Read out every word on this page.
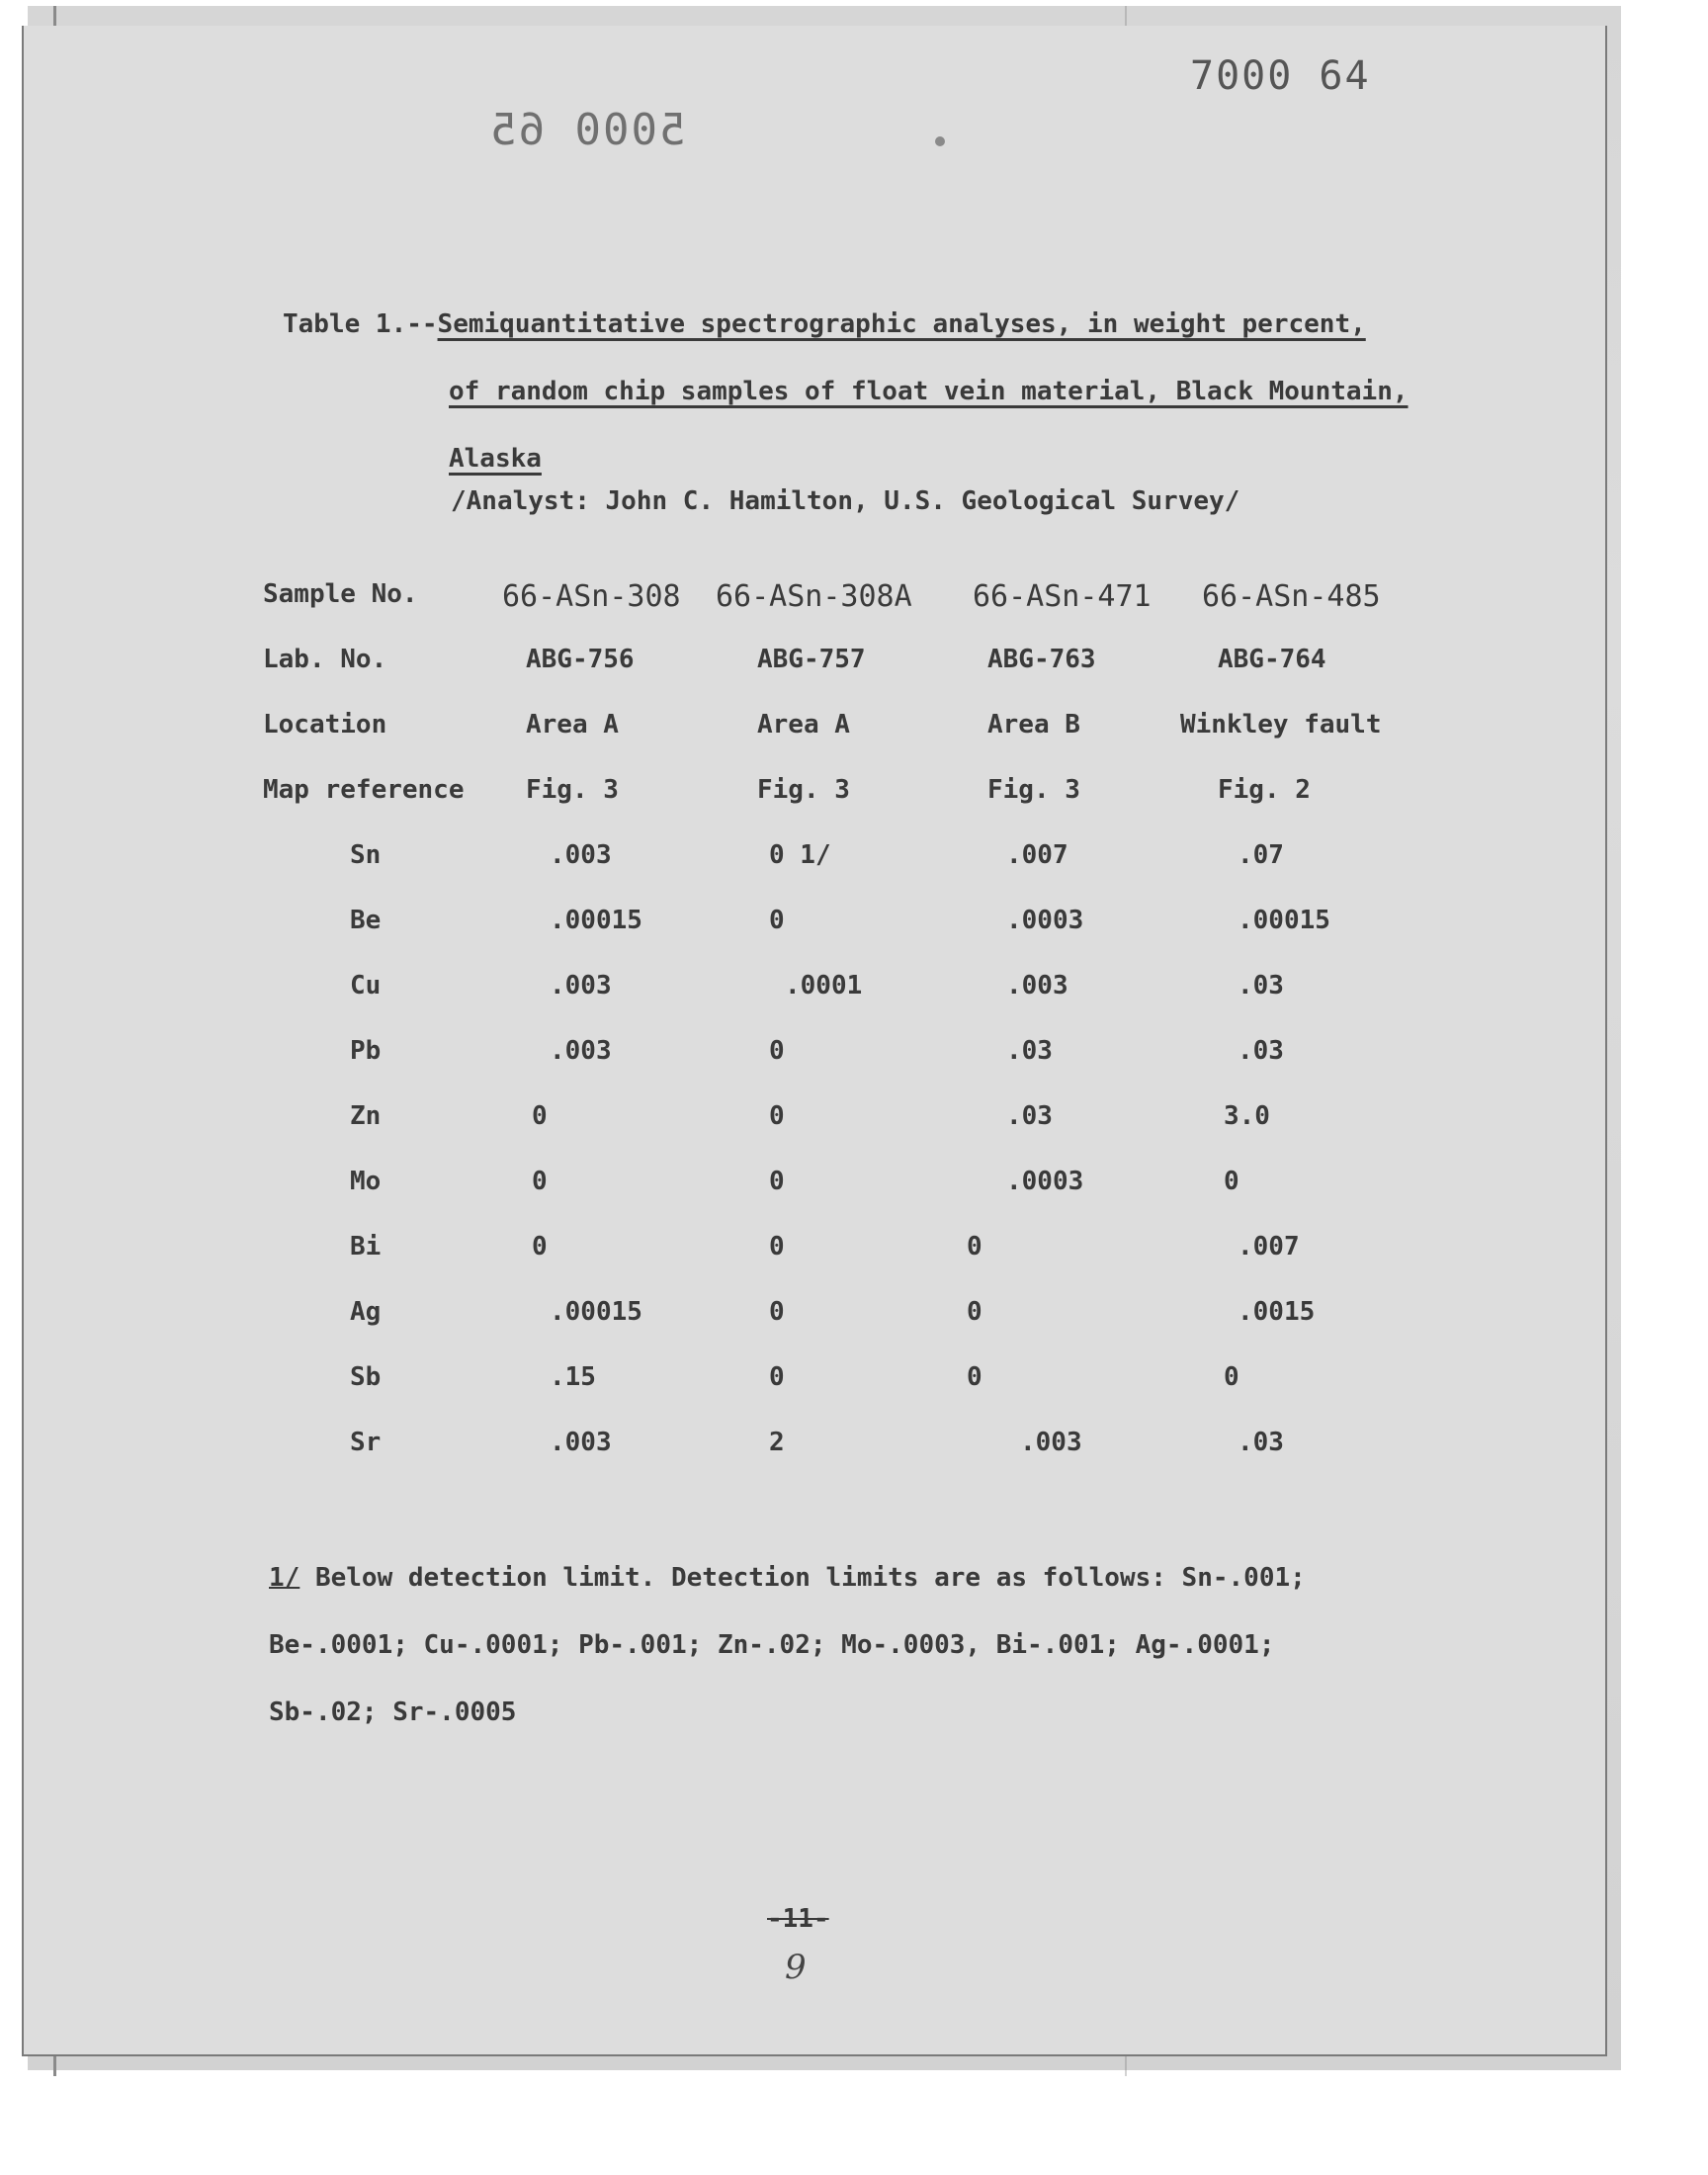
7000 64
5000 65
Table 1.--Semiquantitative spectrographic analyses, in weight percent,
of random chip samples of float vein material, Black Mountain,
Alaska
/Analyst: John C. Hamilton, U.S. Geological Survey/
Sample No.	66-ASn-308 66-ASn-308A 66-ASn-471 66-ASn-485
Lab. No.	ABG-756	ABG-757	ABG-763	ABG-764
Location	Area A	Area A	Area B	Winkley fault
Map reference Fig. 3	Fig. 3	Fig. 3	Fig. 2
Sn	.003	0 1/	.007	.07
Be	.00015	0	.0003	.00015
Cu	.003	.0001	.003	.03
Pb	.003	0	.03	.03
Zn	0	0	.03	3.0
Mo	0	0	.0003	0
Bi	0	0	0	.007
Ag	.00015	0	0	.0015
Sb	.15	0	0	0
Sr	.003	2	.003	.03
1/ Below detection limit. Detection limits are as follows: Sn-.001;
Be-.0001; Cu-.0001; Pb-.001; Zn-.02; Mo-.0003, Bi-.001; Ag-.0001;
Sb-.02; Sr-.0005
-11-
9
